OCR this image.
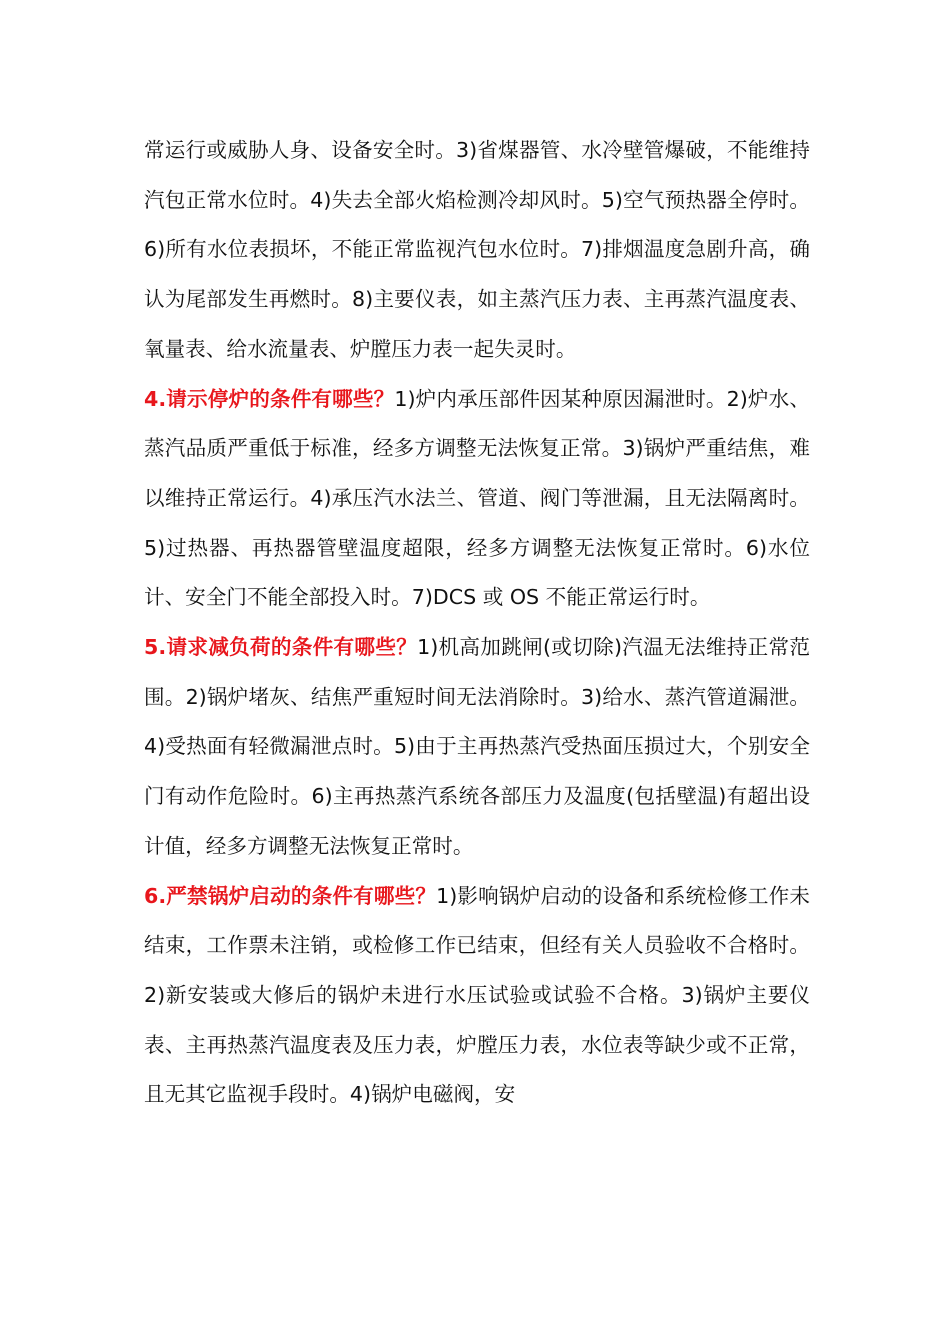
常运行或威胁人身、设备安全时。3)省煤器管、水冷壁管爆破，不能维持汽包正常水位时。4)失去全部火焰检测冷却风时。5)空气预热器全停时。6)所有水位表损坏，不能正常监视汽包水位时。7)排烟温度急剧升高，确认为尾部发生再燃时。8)主要仪表，如主蒸汽压力表、主再蒸汽温度表、氧量表、给水流量表、炉膛压力表一起失灵时。

4.请示停炉的条件有哪些？1)炉内承压部件因某种原因漏泄时。2)炉水、蒸汽品质严重低于标准，经多方调整无法恢复正常。3)锅炉严重结焦，难以维持正常运行。4)承压汽水法兰、管道、阀门等泄漏，且无法隔离时。5)过热器、再热器管壁温度超限，经多方调整无法恢复正常时。6)水位计、安全门不能全部投入时。7)DCS 或 OS 不能正常运行时。

5.请求减负荷的条件有哪些？1)机高加跳闸(或切除)汽温无法维持正常范围。2)锅炉堵灰、结焦严重短时间无法消除时。3)给水、蒸汽管道漏泄。4)受热面有轻微漏泄点时。5)由于主再热蒸汽受热面压损过大，个别安全门有动作危险时。6)主再热蒸汽系统各部压力及温度(包括壁温)有超出设计值，经多方调整无法恢复正常时。

6.严禁锅炉启动的条件有哪些？1)影响锅炉启动的设备和系统检修工作未结束，工作票未注销，或检修工作已结束，但经有关人员验收不合格时。2)新安装或大修后的锅炉未进行水压试验或试验不合格。3)锅炉主要仪表、主再热蒸汽温度表及压力表，炉膛压力表，水位表等缺少或不正常，且无其它监视手段时。4)锅炉电磁阀，安
